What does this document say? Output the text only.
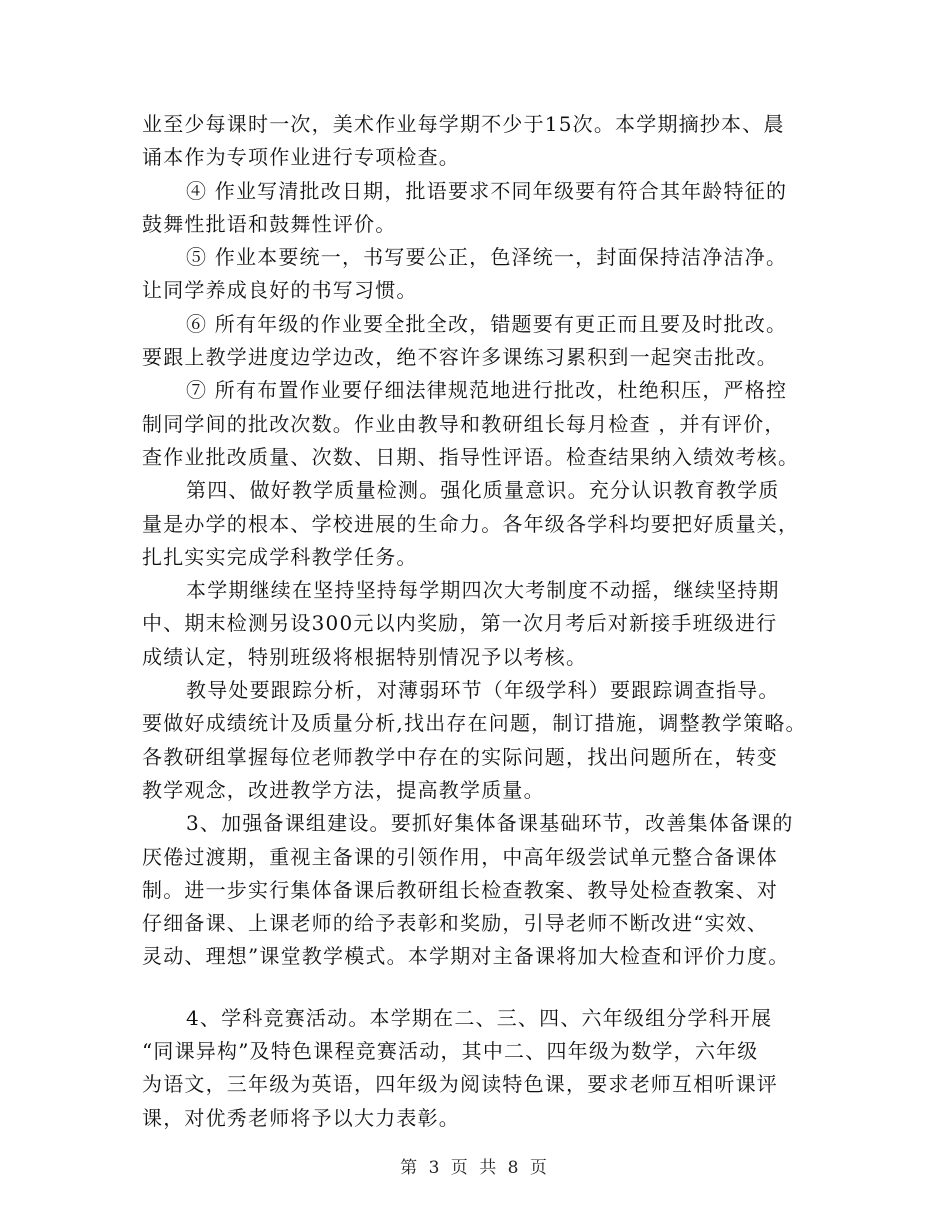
业至少每课时一次，美术作业每学期不少于15次。本学期摘抄本、晨
诵本作为专项作业进行专项检查。
④ 作业写清批改日期，批语要求不同年级要有符合其年龄特征的
鼓舞性批语和鼓舞性评价。
⑤ 作业本要统一，书写要公正，色泽统一，封面保持洁净洁净。
让同学养成良好的书写习惯。
⑥ 所有年级的作业要全批全改，错题要有更正而且要及时批改。
要跟上教学进度边学边改，绝不容许多课练习累积到一起突击批改。
⑦ 所有布置作业要仔细法律规范地进行批改，杜绝积压，严格控
制同学间的批改次数。作业由教导和教研组长每月检查 ，并有评价，
查作业批改质量、次数、日期、指导性评语。检查结果纳入绩效考核。
第四、做好教学质量检测。强化质量意识。充分认识教育教学质
量是办学的根本、学校进展的生命力。各年级各学科均要把好质量关，
扎扎实实完成学科教学任务。
本学期继续在坚持坚持每学期四次大考制度不动摇，继续坚持期
中、期末检测另设300元以内奖励，第一次月考后对新接手班级进行
成绩认定，特别班级将根据特别情况予以考核。
教导处要跟踪分析，对薄弱环节（年级学科）要跟踪调查指导。
要做好成绩统计及质量分析,找出存在问题，制订措施，调整教学策略。
各教研组掌握每位老师教学中存在的实际问题，找出问题所在，转变
教学观念，改进教学方法，提高教学质量。
3、加强备课组建设。要抓好集体备课基础环节，改善集体备课的
厌倦过渡期，重视主备课的引领作用，中高年级尝试单元整合备课体
制。进一步实行集体备课后教研组长检查教案、教导处检查教案、对
仔细备课、上课老师的给予表彰和奖励，引导老师不断改进“实效、
灵动、理想”课堂教学模式。本学期对主备课将加大检查和评价力度。
4、学科竞赛活动。本学期在二、三、四、六年级组分学科开展
“同课异构”及特色课程竞赛活动，其中二、四年级为数学，六年级
为语文，三年级为英语，四年级为阅读特色课，要求老师互相听课评
课，对优秀老师将予以大力表彰。
第 3 页 共 8 页
